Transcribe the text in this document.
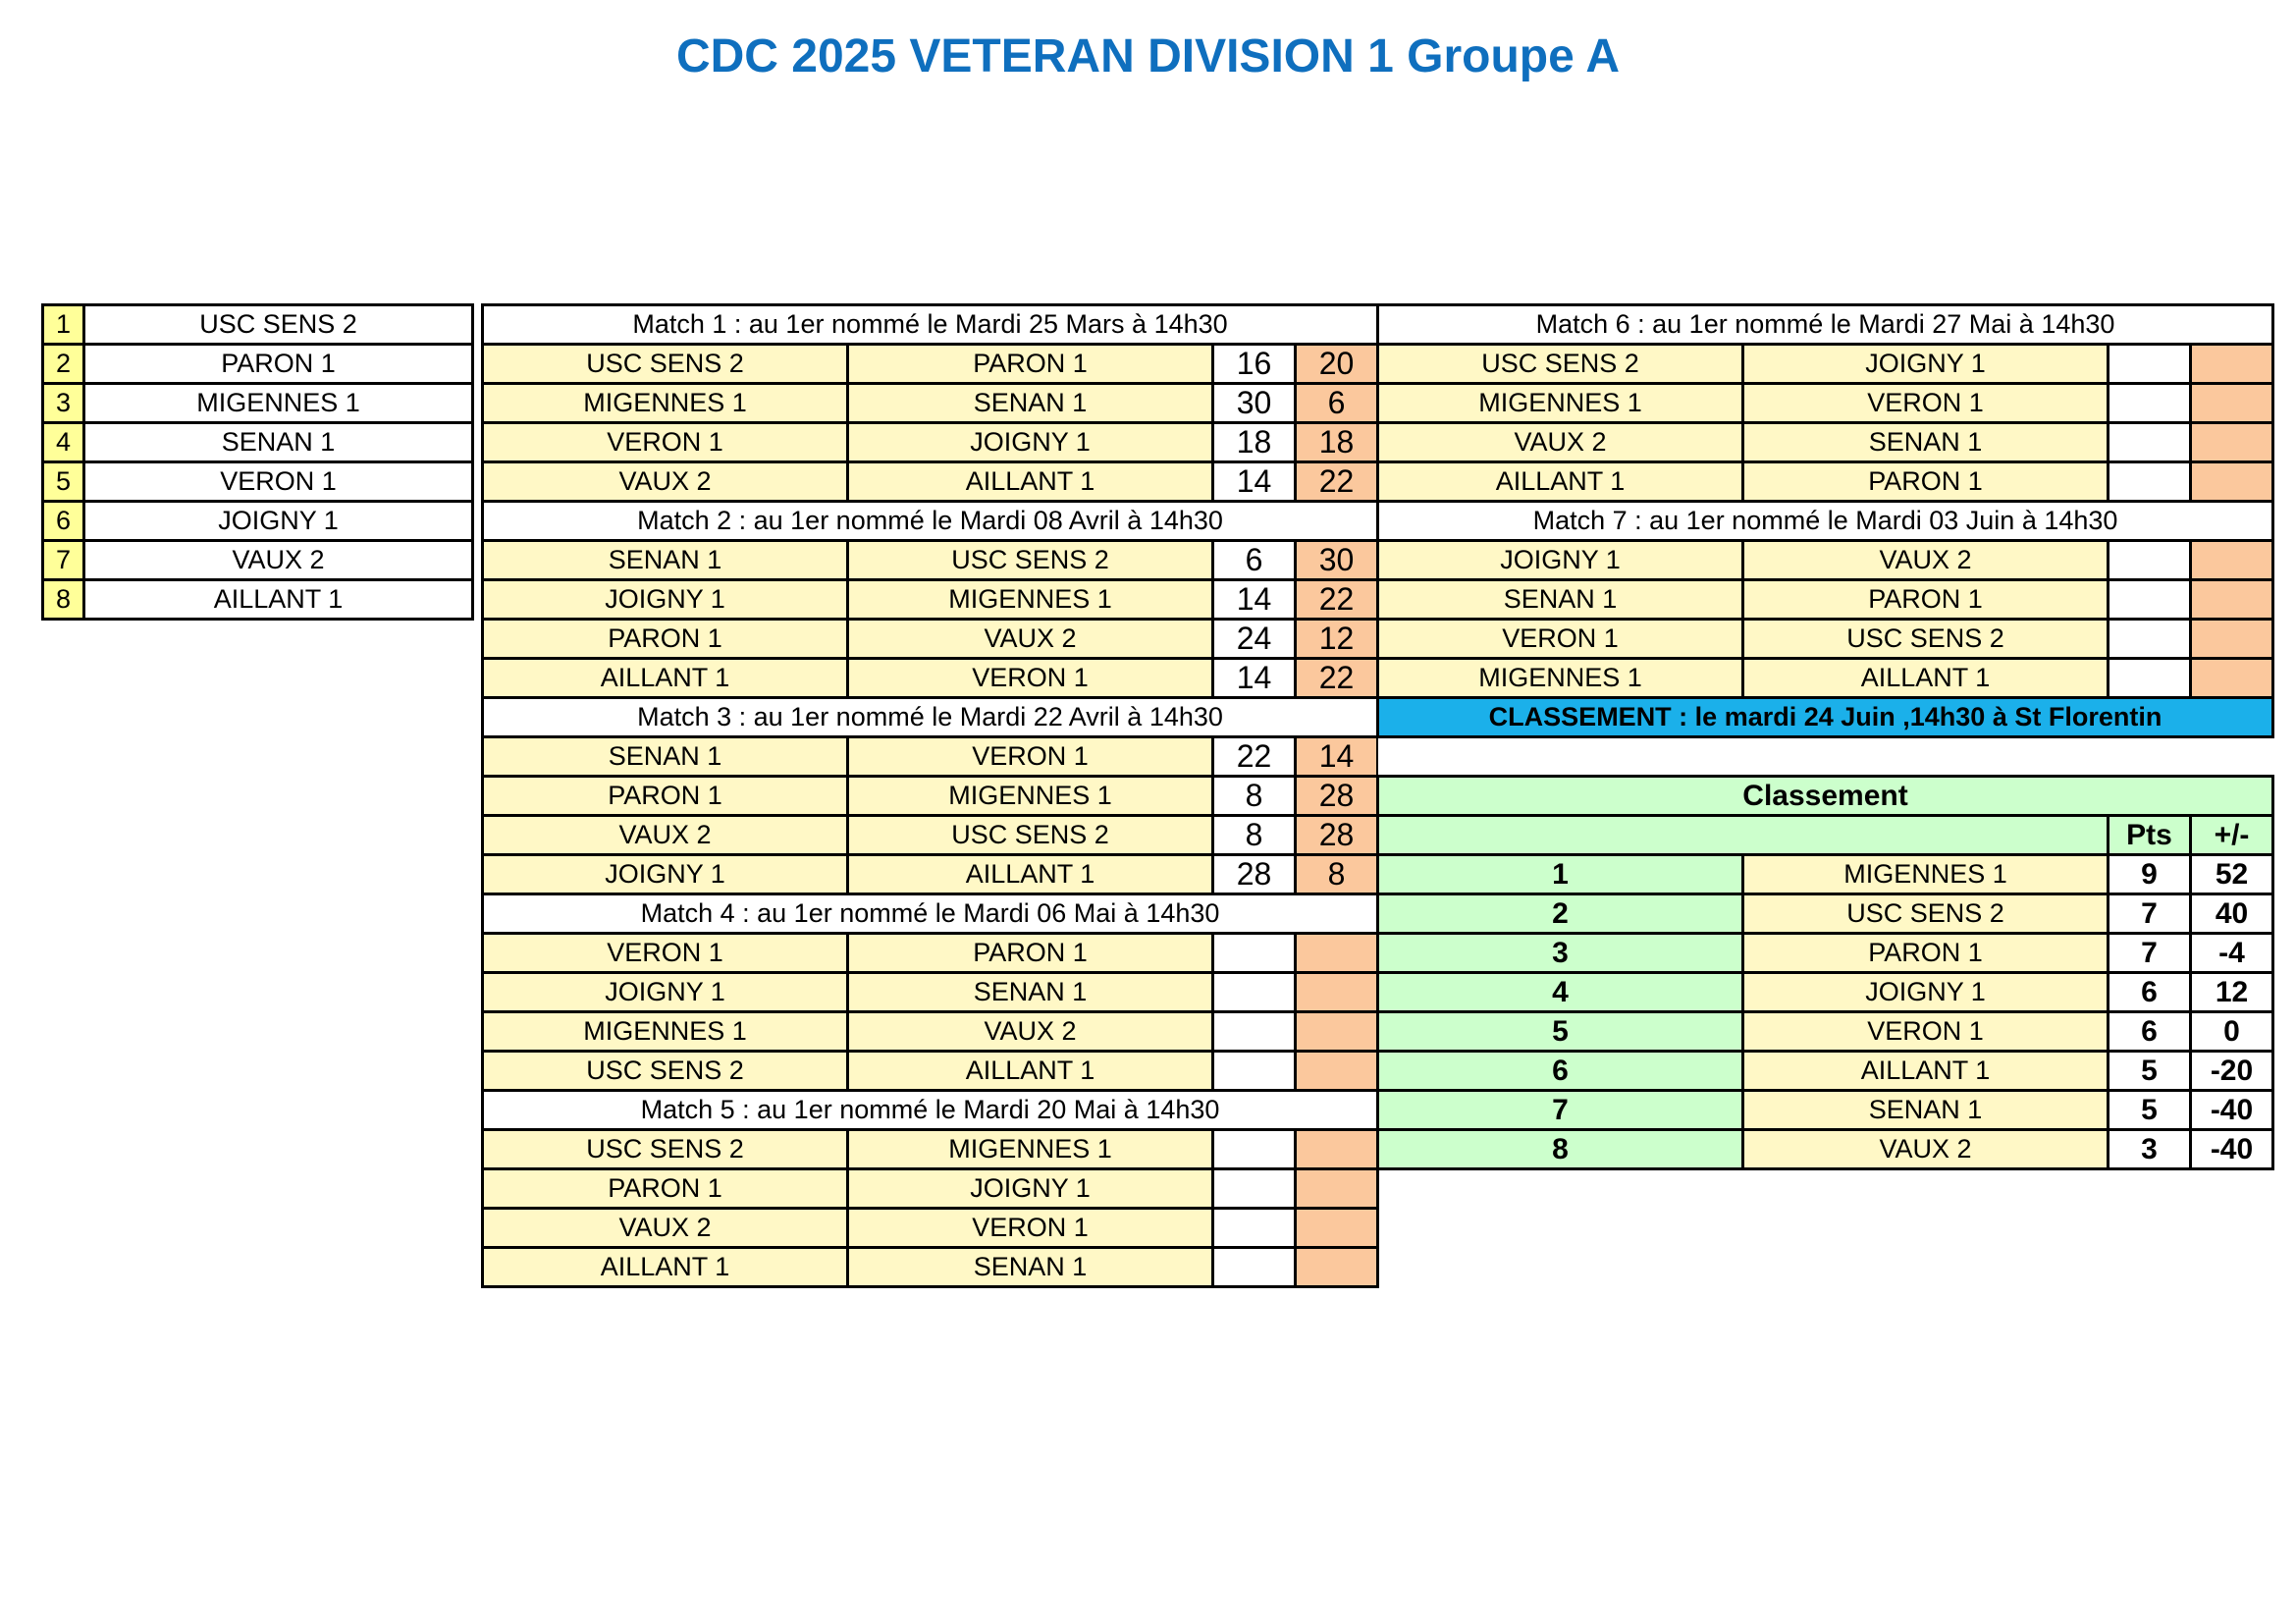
CDC 2025 VETERAN DIVISION 1 Groupe A
1	USC SENS 2
2	PARON 1
3	MIGENNES 1
4	SENAN 1
5	VERON 1
6	JOIGNY 1
7	VAUX 2
8	AILLANT 1
Match 1 : au 1er nommé le Mardi 25 Mars à 14h30			
USC SENS 2	PARON 1	16	20
MIGENNES 1	SENAN 1	30	6
VERON 1	JOIGNY 1	18	18
VAUX 2	AILLANT 1	14	22
Match 2 : au 1er nommé le Mardi 08 Avril à 14h30			
SENAN 1	USC SENS 2	6	30
JOIGNY 1	MIGENNES 1	14	22
PARON 1	VAUX 2	24	12
AILLANT 1	VERON 1	14	22
Match 3 : au 1er nommé le Mardi 22 Avril à 14h30			
SENAN 1	VERON 1	22	14
PARON 1	MIGENNES 1	8	28
VAUX 2	USC SENS 2	8	28
JOIGNY 1	AILLANT 1	28	8
Match 4 : au 1er nommé le Mardi 06 Mai à 14h30			
VERON 1	PARON 1		
JOIGNY 1	SENAN 1		
MIGENNES 1	VAUX 2		
USC SENS 2	AILLANT 1		
Match 5 : au 1er nommé le Mardi 20 Mai à 14h30			
USC SENS 2	MIGENNES 1		
PARON 1	JOIGNY 1		
VAUX 2	VERON 1		
AILLANT 1	SENAN 1		
Match 6 : au 1er nommé le Mardi 27 Mai à 14h30			
USC SENS 2	JOIGNY 1		
MIGENNES 1	VERON 1		
VAUX 2	SENAN 1		
AILLANT 1	PARON 1		
Match 7 : au 1er nommé le Mardi 03 Juin à 14h30			
JOIGNY 1	VAUX 2		
SENAN 1	PARON 1		
VERON 1	USC SENS 2		
MIGENNES 1	AILLANT 1		
CLASSEMENT : le mardi 24 Juin ,14h30 à St Florentin			

Classement			
		Pts	+/-
1	MIGENNES 1	9	52
2	USC SENS 2	7	40
3	PARON 1	7	-4
4	JOIGNY 1	6	12
5	VERON 1	6	0
6	AILLANT 1	5	-20
7	SENAN 1	5	-40
8	VAUX 2	3	-40
